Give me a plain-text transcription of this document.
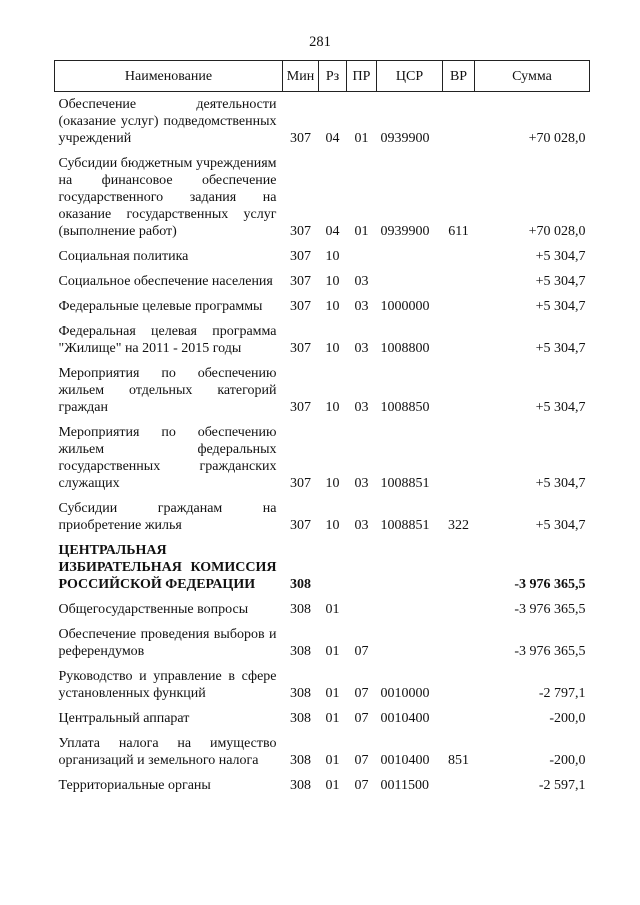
281
Наименование	Мин	Рз	ПР	ЦСР	ВР	Сумма
Обеспечение деятельности (оказание услуг) подведомственных учреждений	307	04	01	0939900		+70 028,0
Субсидии бюджетным учреждениям на финансовое обеспечение государственного задания на оказание государственных услуг (выполнение работ)	307	04	01	0939900	611	+70 028,0
Социальная политика	307	10				+5 304,7
Социальное обеспечение населения	307	10	03			+5 304,7
Федеральные целевые программы	307	10	03	1000000		+5 304,7
Федеральная целевая программа "Жилище" на 2011 - 2015 годы	307	10	03	1008800		+5 304,7
Мероприятия по обеспечению жильем отдельных категорий граждан	307	10	03	1008850		+5 304,7
Мероприятия по обеспечению жильем федеральных государственных гражданских служащих	307	10	03	1008851		+5 304,7
Субсидии гражданам на приобретение жилья	307	10	03	1008851	322	+5 304,7
ЦЕНТРАЛЬНАЯ ИЗБИРАТЕЛЬНАЯ КОМИССИЯ РОССИЙСКОЙ ФЕДЕРАЦИИ	308					-3 976 365,5
Общегосударственные вопросы	308	01				-3 976 365,5
Обеспечение проведения выборов и референдумов	308	01	07			-3 976 365,5
Руководство и управление в сфере установленных функций	308	01	07	0010000		-2 797,1
Центральный аппарат	308	01	07	0010400		-200,0
Уплата налога на имущество организаций и земельного налога	308	01	07	0010400	851	-200,0
Территориальные органы	308	01	07	0011500		-2 597,1
